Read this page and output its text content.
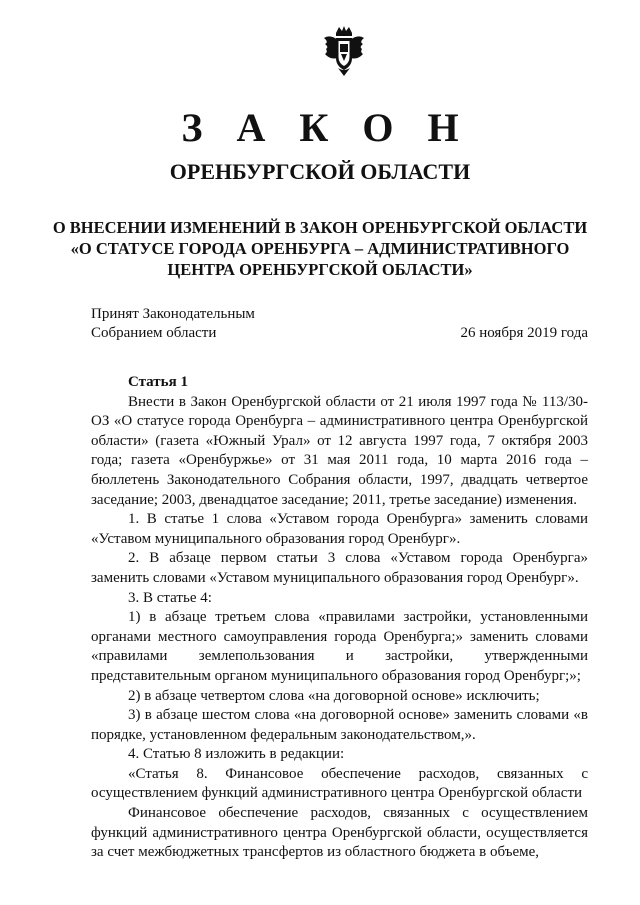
З А К О Н
ОРЕНБУРГСКОЙ ОБЛАСТИ
О ВНЕСЕНИИ ИЗМЕНЕНИЙ В ЗАКОН ОРЕНБУРГСКОЙ ОБЛАСТИ
«О СТАТУСЕ ГОРОДА ОРЕНБУРГА – АДМИНИСТРАТИВНОГО
ЦЕНТРА ОРЕНБУРГСКОЙ ОБЛАСТИ»
Принят Законодательным
Собранием области	26 ноября 2019 года

Статья 1

Внести в Закон Оренбургской области от 21 июля 1997 года № 113/30-ОЗ «О статусе города Оренбурга – административного центра Оренбургской области» (газета «Южный Урал» от 12 августа 1997 года, 7 октября 2003 года; газета «Оренбуржье» от 31 мая 2011 года, 10 марта 2016 года – бюллетень Законодательного Собрания области, 1997, двадцать четвертое заседание; 2003, двенадцатое заседание; 2011, третье заседание) изменения.

1. В статье 1 слова «Уставом города Оренбурга» заменить словами «Уставом муниципального образования город Оренбург».

2. В абзаце первом статьи 3 слова «Уставом города Оренбурга» заменить словами «Уставом муниципального образования город Оренбург».

3. В статье 4:

1) в абзаце третьем слова «правилами застройки, установленными органами местного самоуправления города Оренбурга;» заменить словами «правилами землепользования и застройки, утвержденными представительным органом муниципального образования город Оренбург;»;

2) в абзаце четвертом слова «на договорной основе» исключить;

3) в абзаце шестом слова «на договорной основе» заменить словами «в порядке, установленном федеральным законодательством,».

4. Статью 8 изложить в редакции:

«Статья 8. Финансовое обеспечение расходов, связанных с осуществлением функций административного центра Оренбургской области

Финансовое обеспечение расходов, связанных с осуществлением функций административного центра Оренбургской области, осуществляется за счет межбюджетных трансфертов из областного бюджета в объеме,
